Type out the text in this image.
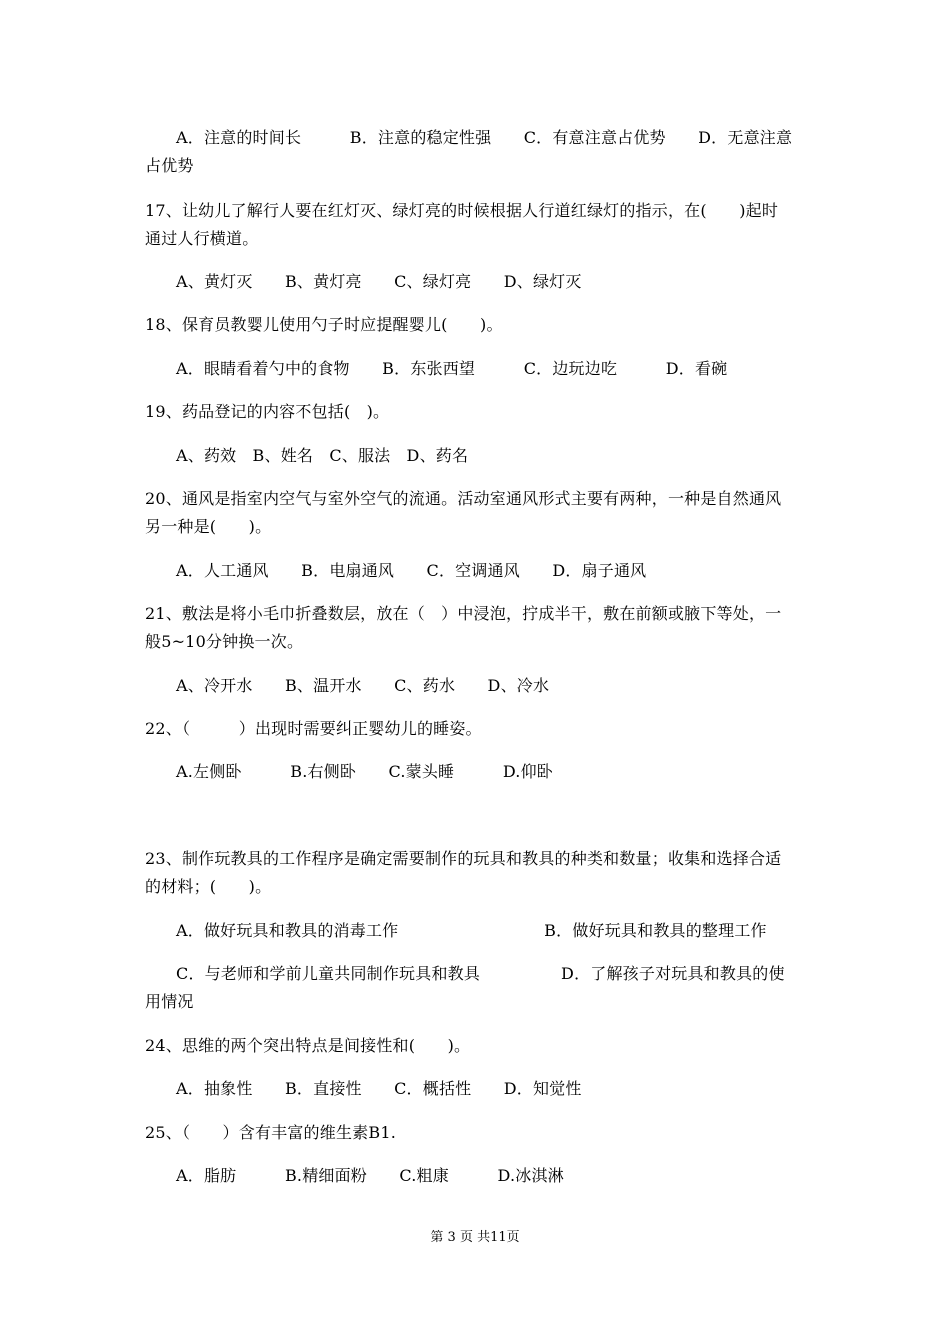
A．注意的时间长　　　B．注意的稳定性强　　C．有意注意占优势　　D．无意注意
占优势
17、让幼儿了解行人要在红灯灭、绿灯亮的时候根据人行道红绿灯的指示，在(　　)起时
通过人行横道。
A、黄灯灭　　B、黄灯亮　　C、绿灯亮　　D、绿灯灭
18、保育员教婴儿使用勺子时应提醒婴儿(　　)。
A．眼睛看着勺中的食物　　B．东张西望　　　C．边玩边吃　　　D．看碗
19、药品登记的内容不包括(　)。
A、药效　B、姓名　C、服法　D、药名
20、通风是指室内空气与室外空气的流通。活动室通风形式主要有两种，一种是自然通风
另一种是(　　)。
A．人工通风　　B．电扇通风　　C．空调通风　　D．扇子通风
21、敷法是将小毛巾折叠数层，放在（　）中浸泡，拧成半干，敷在前额或腋下等处，一
般5~10分钟换一次。
A、冷开水　　B、温开水　　C、药水　　D、冷水
22、（　　　）出现时需要纠正婴幼儿的睡姿。
A.左侧卧　　　B.右侧卧　　C.蒙头睡　　　D.仰卧
23、制作玩教具的工作程序是确定需要制作的玩具和教具的种类和数量；收集和选择合适
的材料；(　　)。
A．做好玩具和教具的消毒工作　　　　　　　　　B．做好玩具和教具的整理工作
C．与老师和学前儿童共同制作玩具和教具　　　　　D．了解孩子对玩具和教具的使
用情况
24、思维的两个突出特点是间接性和(　　)。
A．抽象性　　B．直接性　　C．概括性　　D．知觉性
25、（　　）含有丰富的维生素B1.
A．脂肪　　　B.精细面粉　　C.粗康　　　D.冰淇淋
第 3 页 共11页
